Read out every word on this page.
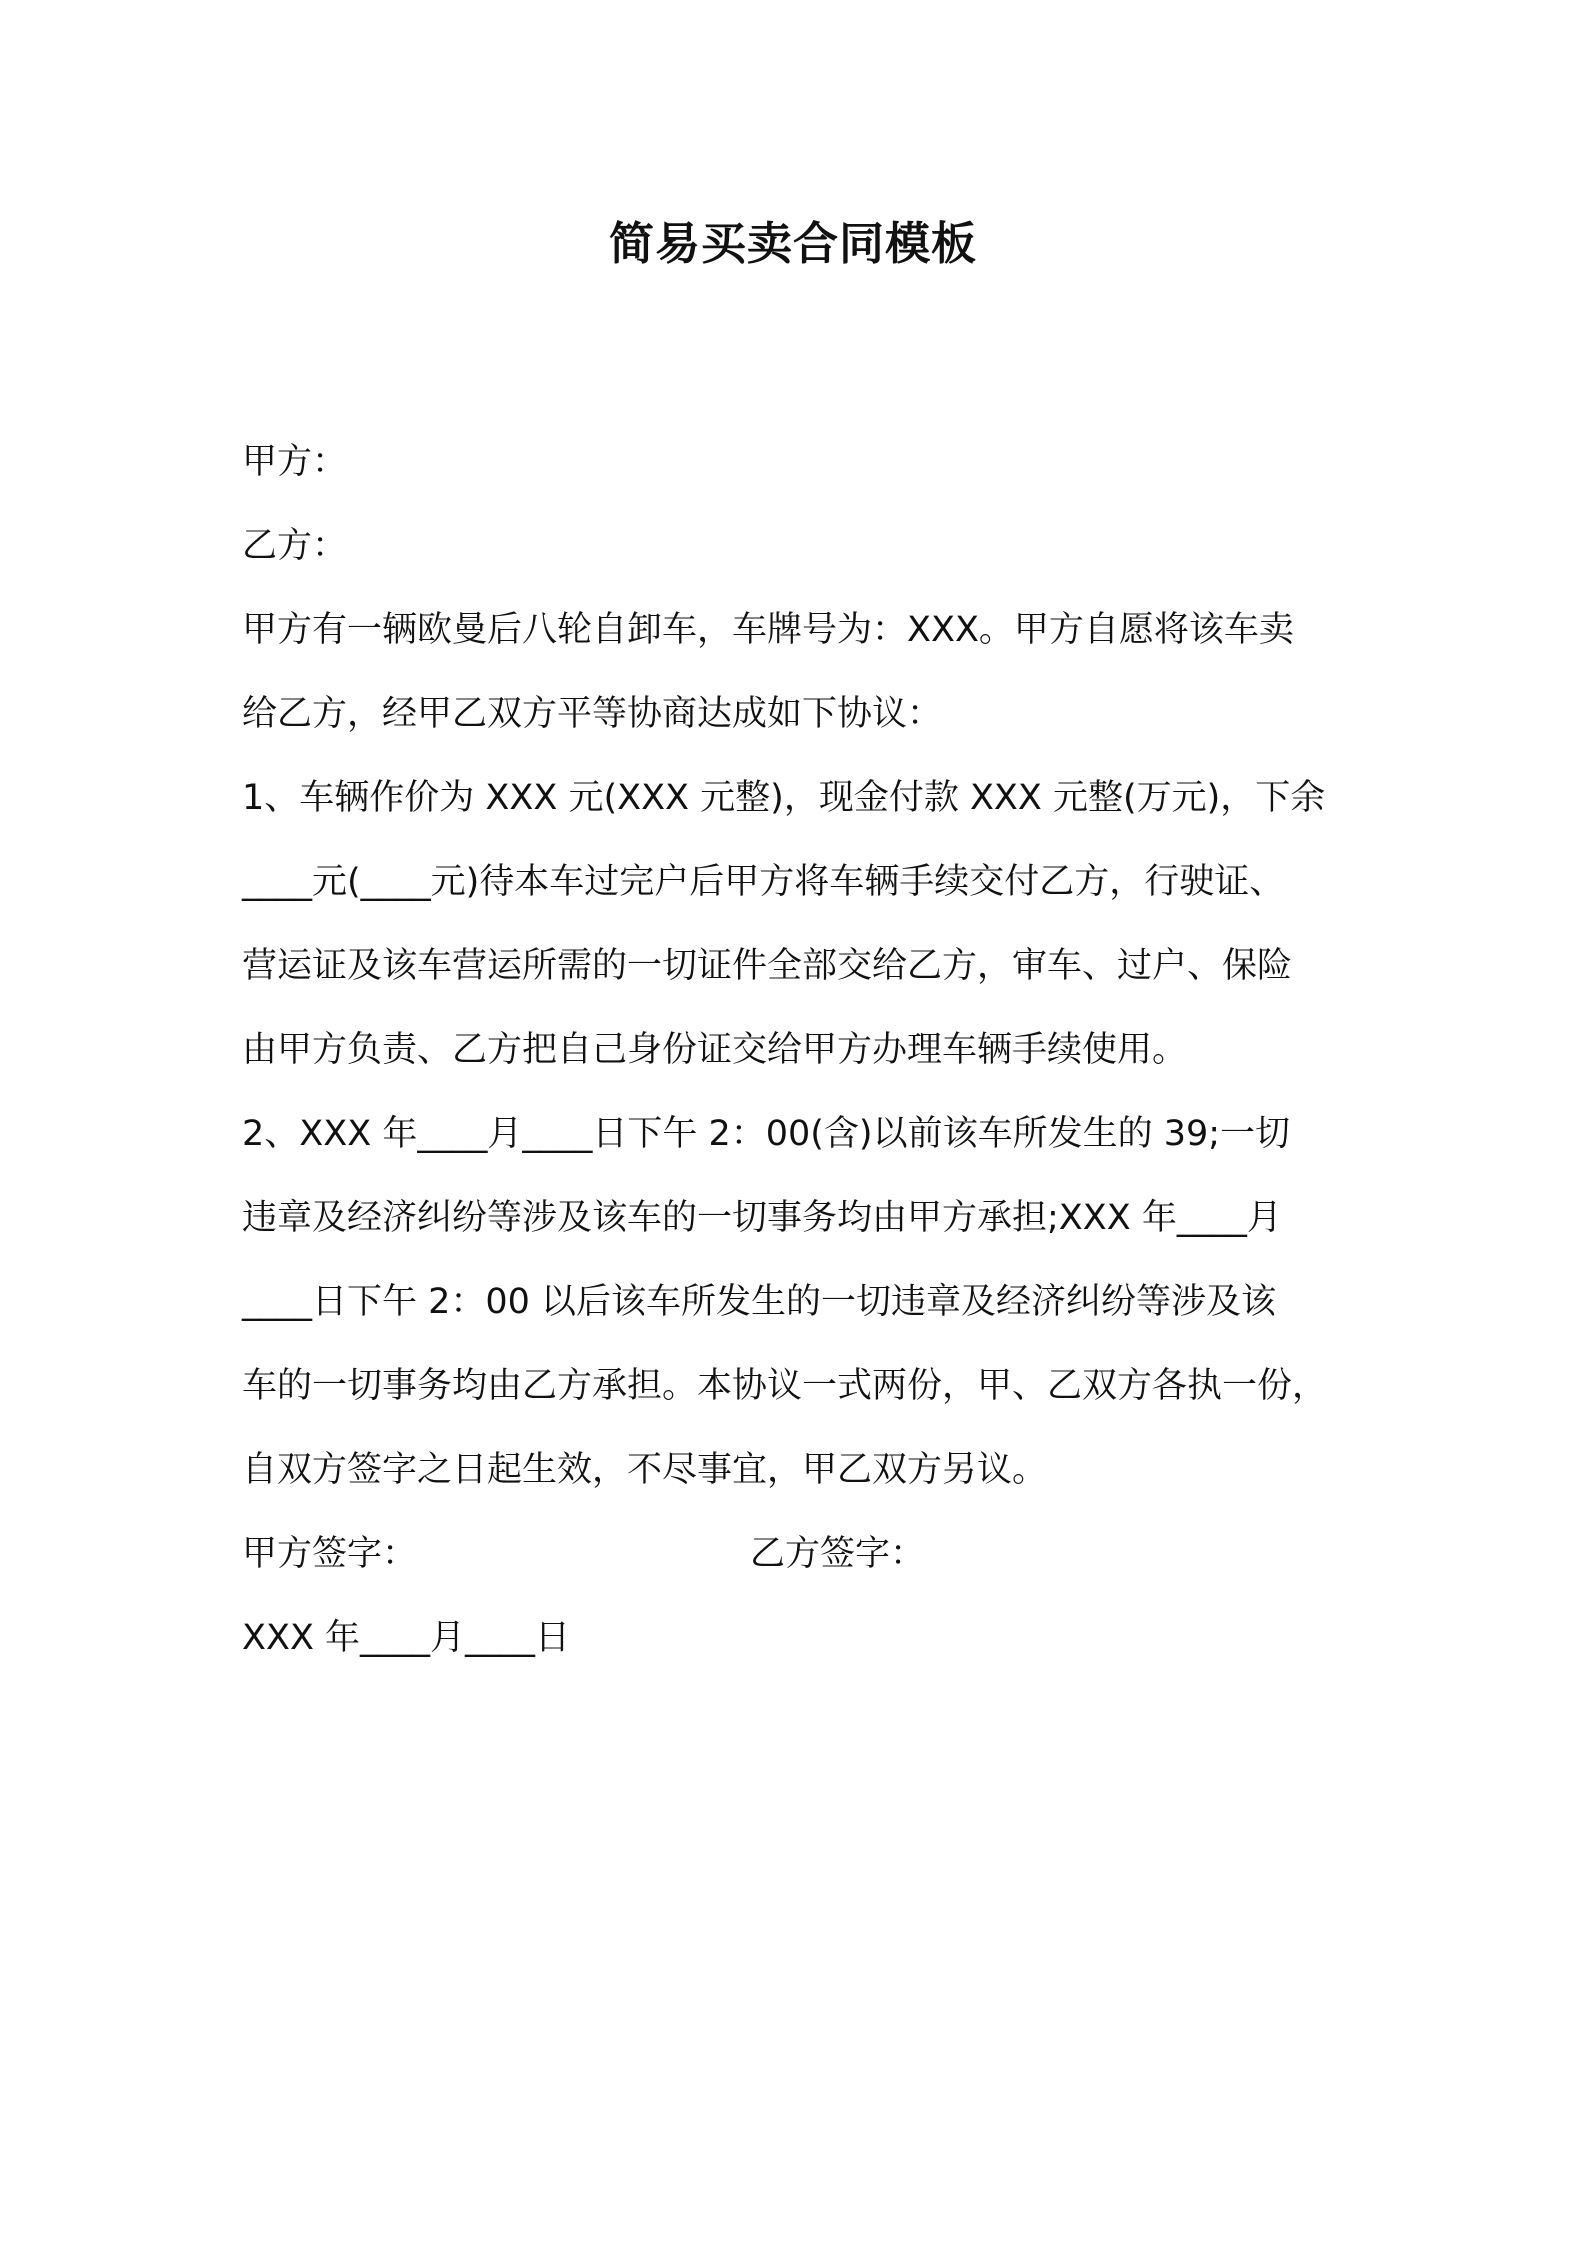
简易买卖合同模板
甲方：
乙方：
甲方有一辆欧曼后八轮自卸车，车牌号为：XXX。甲方自愿将该车卖
给乙方，经甲乙双方平等协商达成如下协议：
1、车辆作价为 XXX 元(XXX 元整)，现金付款 XXX 元整(万元)，下余
____元(____元)待本车过完户后甲方将车辆手续交付乙方，行驶证、
营运证及该车营运所需的一切证件全部交给乙方，审车、过户、保险
由甲方负责、乙方把自己身份证交给甲方办理车辆手续使用。
2、XXX 年____月____日下午 2：00(含)以前该车所发生的 39;一切
违章及经济纠纷等涉及该车的一切事务均由甲方承担;XXX 年____月
____日下午 2：00 以后该车所发生的一切违章及经济纠纷等涉及该
车的一切事务均由乙方承担。本协议一式两份，甲、乙双方各执一份，
自双方签字之日起生效，不尽事宜，甲乙双方另议。
甲方签字：	乙方签字：
XXX 年____月____日
